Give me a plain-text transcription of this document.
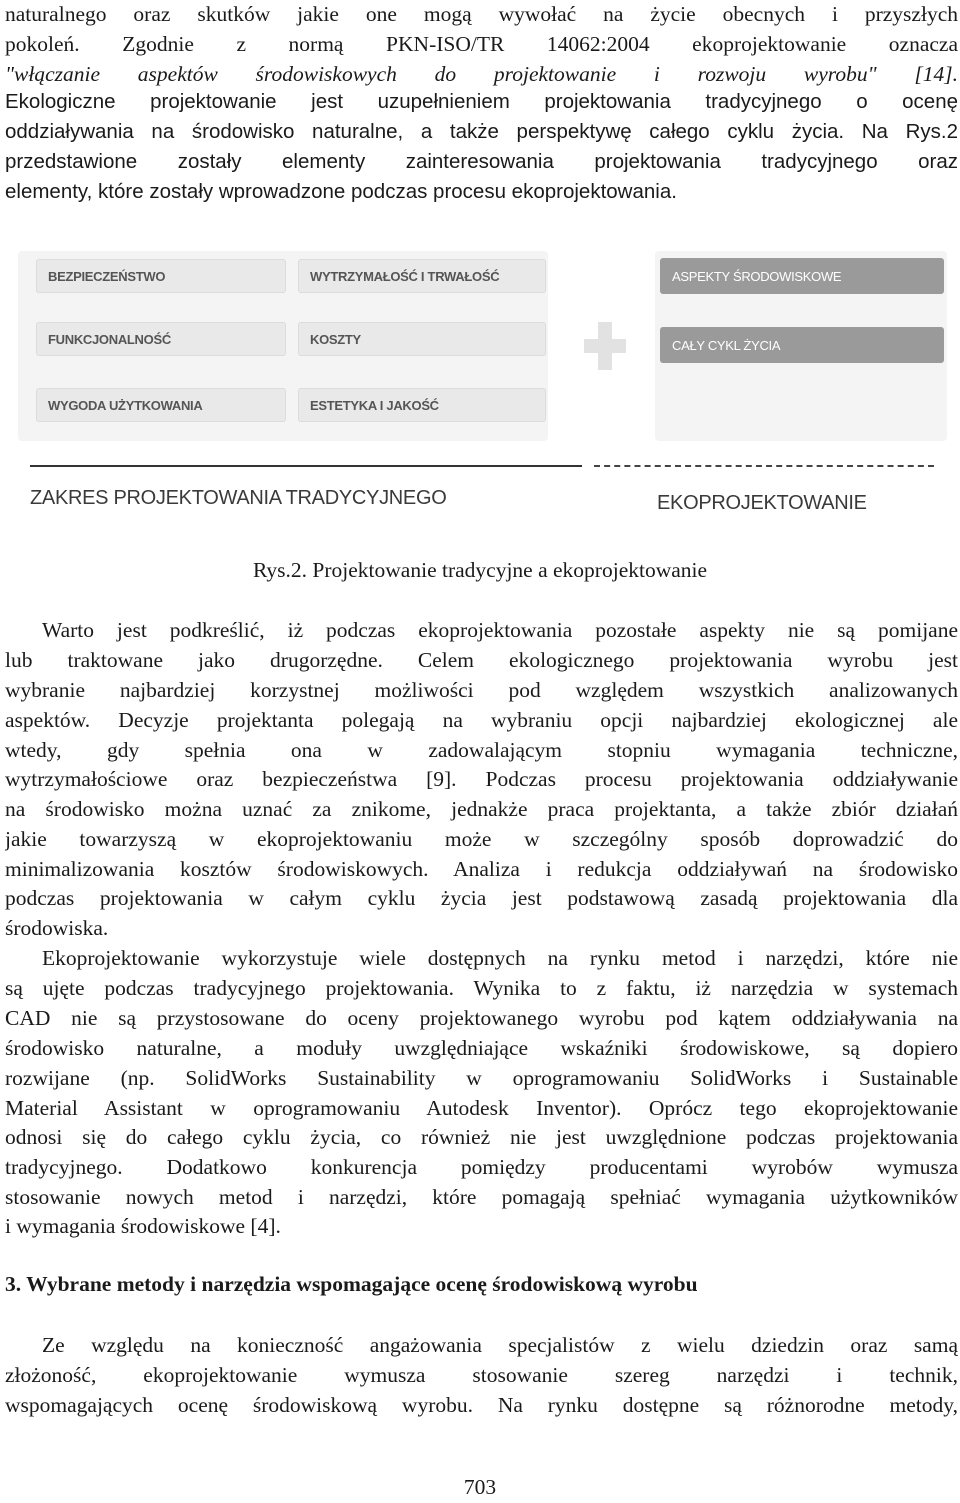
naturalnego oraz skutków jakie one mogą wywołać na życie obecnych i przyszłych
pokoleń. Zgodnie z normą PKN-ISO/TR 14062:2004 ekoprojektowanie oznacza
"włączanie aspektów środowiskowych do projektowanie i rozwoju wyrobu" [14].
Ekologiczne projektowanie jest uzupełnieniem projektowania tradycyjnego o ocenę
oddziaływania na środowisko naturalne, a także perspektywę całego cyklu życia. Na Rys.2
przedstawione zostały elementy zainteresowania projektowania tradycyjnego oraz
elementy, które zostały wprowadzone podczas procesu ekoprojektowania.
BEZPIECZEŃSTWO	WYTRZYMAŁOŚĆ I TRWAŁOŚĆ
FUNKCJONALNOŚĆ	KOSZTY
WYGODA UŻYTKOWANIA	ESTETYKA I JAKOŚĆ
ASPEKTY ŚRODOWISKOWE
CAŁY CYKL ŻYCIA
ZAKRES PROJEKTOWANIA TRADYCYJNEGO	EKOPROJEKTOWANIE
Rys.2. Projektowanie tradycyjne a ekoprojektowanie
Warto jest podkreślić, iż podczas ekoprojektowania pozostałe aspekty nie są pomijane
lub traktowane jako drugorzędne. Celem ekologicznego projektowania wyrobu jest
wybranie najbardziej korzystnej możliwości pod względem wszystkich analizowanych
aspektów. Decyzje projektanta polegają na wybraniu opcji najbardziej ekologicznej ale
wtedy, gdy spełnia ona w zadowalającym stopniu wymagania techniczne,
wytrzymałościowe oraz bezpieczeństwa [9]. Podczas procesu projektowania oddziaływanie
na środowisko można uznać za znikome, jednakże praca projektanta, a także zbiór działań
jakie towarzyszą w ekoprojektowaniu może w szczególny sposób doprowadzić do
minimalizowania kosztów środowiskowych. Analiza i redukcja oddziaływań na środowisko
podczas projektowania w całym cyklu życia jest podstawową zasadą projektowania dla
środowiska.
Ekoprojektowanie wykorzystuje wiele dostępnych na rynku metod i narzędzi, które nie
są ujęte podczas tradycyjnego projektowania. Wynika to z faktu, iż narzędzia w systemach
CAD nie są przystosowane do oceny projektowanego wyrobu pod kątem oddziaływania na
środowisko naturalne, a moduły uwzględniające wskaźniki środowiskowe, są dopiero
rozwijane (np. SolidWorks Sustainability w oprogramowaniu SolidWorks i Sustainable
Material Assistant w oprogramowaniu Autodesk Inventor). Oprócz tego ekoprojektowanie
odnosi się do całego cyklu życia, co również nie jest uwzględnione podczas projektowania
tradycyjnego. Dodatkowo konkurencja pomiędzy producentami wyrobów wymusza
stosowanie nowych metod i narzędzi, które pomagają spełniać wymagania użytkowników
i wymagania środowiskowe [4].
3. Wybrane metody i narzędzia wspomagające ocenę środowiskową wyrobu
Ze względu na konieczność angażowania specjalistów z wielu dziedzin oraz samą
złożoność, ekoprojektowanie wymusza stosowanie szereg narzędzi i technik,
wspomagających ocenę środowiskową wyrobu. Na rynku dostępne są różnorodne metody,
703
